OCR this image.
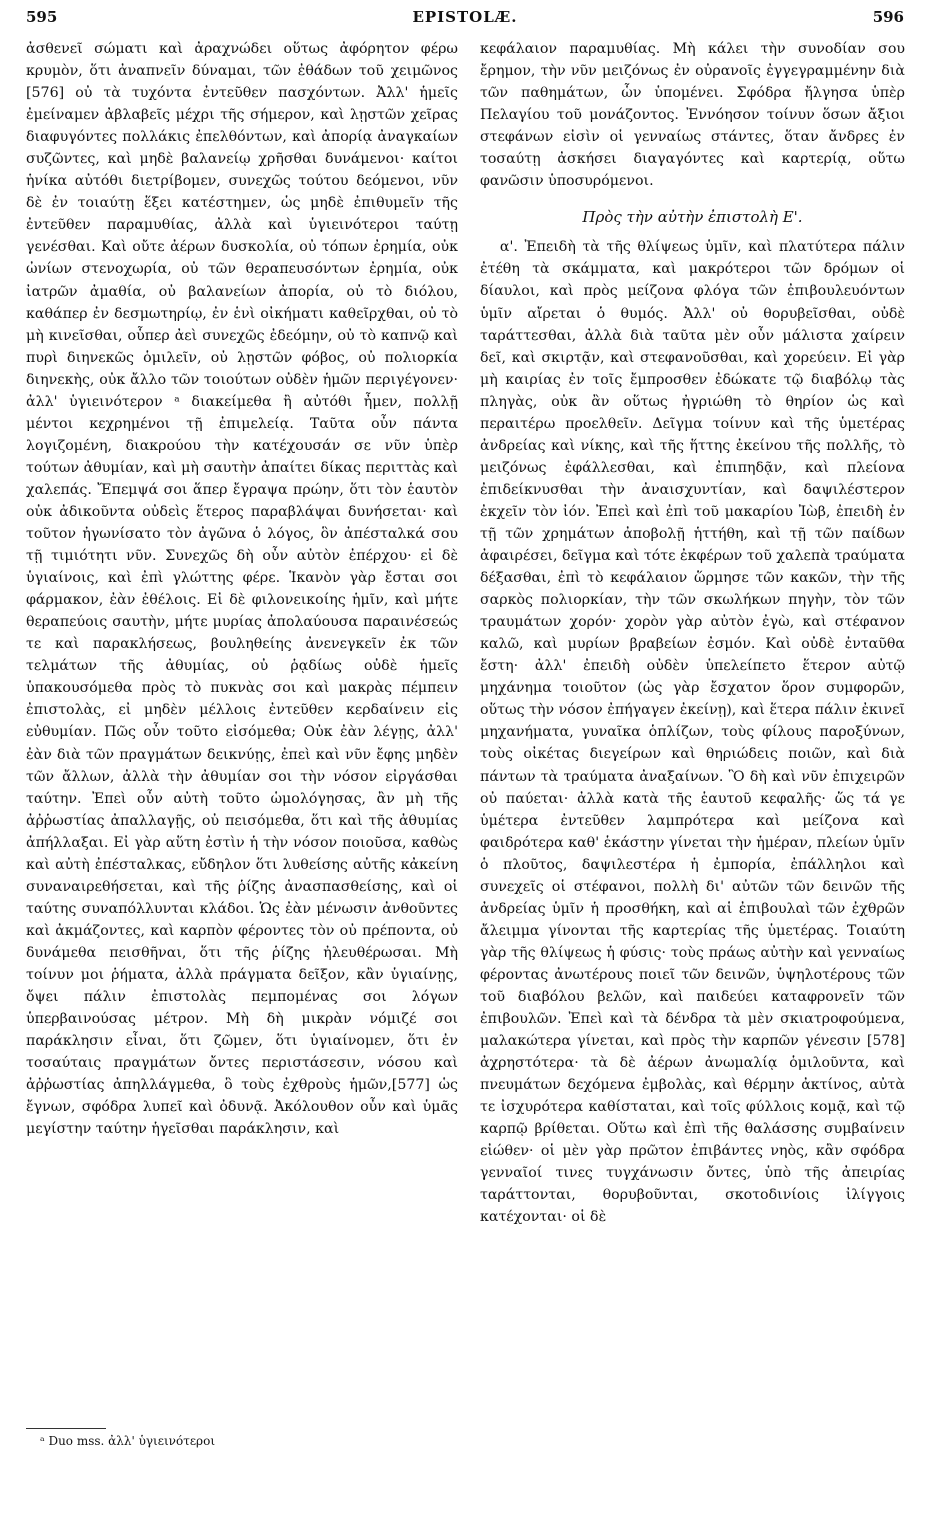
595	EPISTOLÆ.	596

ἀσθενεῖ σώματι καὶ ἀραχνώδει οὕτως ἀφόρητον φέρω κρυμὸν, ὅτι ἀναπνεῖν δύναμαι, τῶν ἐθάδων τοῦ χειμῶνος [576] οὐ τὰ τυχόντα ἐντεῦθεν πασχόντων. Ἀλλ' ἡμεῖς ἐμείναμεν ἀβλαβεῖς μέχρι τῆς σήμερον, καὶ λῃστῶν χεῖρας διαφυγόντες πολλάκις ἐπελθόντων, καὶ ἀπορίᾳ ἀναγκαίων συζῶντες, καὶ μηδὲ βαλανείῳ χρῆσθαι δυνάμενοι· καίτοι ἡνίκα αὐτόθι διετρίβομεν, συνεχῶς τούτου δεόμενοι, νῦν δὲ ἐν τοιαύτῃ ἕξει κατέστημεν, ὡς μηδὲ ἐπιθυμεῖν τῆς ἐντεῦθεν παραμυθίας, ἀλλὰ καὶ ὑγιεινότεροι ταύτῃ γενέσθαι. Καὶ οὔτε ἀέρων δυσκολία, οὐ τόπων ἐρημία, οὐκ ὠνίων στενοχωρία, οὐ τῶν θεραπευσόντων ἐρημία, οὐκ ἰατρῶν ἀμαθία, οὐ βαλανείων ἀπορία, οὐ τὸ διόλου, καθάπερ ἐν δεσμωτηρίῳ, ἐν ἑνὶ οἰκήματι καθεῖρχθαι, οὐ τὸ μὴ κινεῖσθαι, οὗπερ ἀεὶ συνεχῶς ἐδεόμην, οὐ τὸ καπνῷ καὶ πυρὶ διηνεκῶς ὁμιλεῖν, οὐ λῃστῶν φόβος, οὐ πολιορκία διηνεκὴς, οὐκ ἄλλο τῶν τοιούτων οὐδὲν ἡμῶν περιγέγονεν· ἀλλ' ὑγιεινότερον ᵃ διακείμεθα ἢ αὐτόθι ἦμεν, πολλῇ μέντοι κεχρημένοι τῇ ἐπιμελείᾳ. Ταῦτα οὖν πάντα λογιζομένη, διακρούου τὴν κατέχουσάν σε νῦν ὑπὲρ τούτων ἀθυμίαν, καὶ μὴ σαυτὴν ἀπαίτει δίκας περιττὰς καὶ χαλεπάς. Ἔπεμψά σοι ἅπερ ἔγραψα πρώην, ὅτι τὸν ἑαυτὸν οὐκ ἀδικοῦντα οὐδεὶς ἕτερος παραβλάψαι δυνήσεται· καὶ τοῦτον ἠγωνίσατο τὸν ἀγῶνα ὁ λόγος, ὃν ἀπέσταλκά σου τῇ τιμιότητι νῦν. Συνεχῶς δὴ οὖν αὐτὸν ἐπέρχου· εἰ δὲ ὑγιαίνοις, καὶ ἐπὶ γλώττης φέρε. Ἱκανὸν γὰρ ἔσται σοι φάρμακον, ἐὰν ἐθέλοις. Εἰ δὲ φιλονεικοίης ἡμῖν, καὶ μήτε θεραπεύοις σαυτὴν, μήτε μυρίας ἀπολαύουσα παραινέσεώς τε καὶ παρακλήσεως, βουληθείης ἀνενεγκεῖν ἐκ τῶν τελμάτων τῆς ἀθυμίας, οὐ ῥᾳδίως οὐδὲ ἡμεῖς ὑπακουσόμεθα πρὸς τὸ πυκνὰς σοι καὶ μακρὰς πέμπειν ἐπιστολὰς, εἰ μηδὲν μέλλοις ἐντεῦθεν κερδαίνειν εἰς εὐθυμίαν. Πῶς οὖν τοῦτο εἰσόμεθα; Οὐκ ἐὰν λέγῃς, ἀλλ' ἐὰν διὰ τῶν πραγμάτων δεικνύῃς, ἐπεὶ καὶ νῦν ἔφης μηδὲν τῶν ἄλλων, ἀλλὰ τὴν ἀθυμίαν σοι τὴν νόσον εἰργάσθαι ταύτην. Ἐπεὶ οὖν αὐτὴ τοῦτο ὡμολόγησας, ἂν μὴ τῆς ἀῤῥωστίας ἀπαλλαγῇς, οὐ πεισόμεθα, ὅτι καὶ τῆς ἀθυμίας ἀπήλλαξαι. Εἰ γὰρ αὕτη ἐστὶν ἡ τὴν νόσον ποιοῦσα, καθὼς καὶ αὐτὴ ἐπέσταλκας, εὔδηλον ὅτι λυθείσης αὐτῆς κἀκείνη συναναιρεθήσεται, καὶ τῆς ῥίζης ἀνασπασθείσης, καὶ οἱ ταύτης συναπόλλυνται κλάδοι. Ὡς ἐὰν μένωσιν ἀνθοῦντες καὶ ἀκμάζοντες, καὶ καρπὸν φέροντες τὸν οὐ πρέποντα, οὐ δυνάμεθα πεισθῆναι, ὅτι τῆς ῥίζης ἠλευθέρωσαι. Μὴ τοίνυν μοι ῥήματα, ἀλλὰ πράγματα δεῖξον, κἂν ὑγιαίνῃς, ὄψει πάλιν ἐπιστολὰς πεμπομένας σοι λόγων ὑπερβαινούσας μέτρον. Μὴ δὴ μικρὰν νόμιζέ σοι παράκλησιν εἶναι, ὅτι ζῶμεν, ὅτι ὑγιαίνομεν, ὅτι ἐν τοσαύταις πραγμάτων ὄντες περιστάσεσιν, νόσου καὶ ἀῤῥωστίας ἀπηλλάγμεθα, ὃ τοὺς ἐχθροὺς ἡμῶν,[577] ὡς ἔγνων, σφόδρα λυπεῖ καὶ ὀδυνᾷ. Ἀκόλουθον οὖν καὶ ὑμᾶς μεγίστην ταύτην ἡγεῖσθαι παράκλησιν, καὶ

κεφάλαιον παραμυθίας. Μὴ κάλει τὴν συνοδίαν σου ἔρημον, τὴν νῦν μειζόνως ἐν οὐρανοῖς ἐγγεγραμμένην διὰ τῶν παθημάτων, ὧν ὑπομένει. Σφόδρα ἤλγησα ὑπὲρ Πελαγίου τοῦ μονάζοντος. Ἐννόησον τοίνυν ὅσων ἄξιοι στεφάνων εἰσὶν οἱ γενναίως στάντες, ὅταν ἄνδρες ἐν τοσαύτῃ ἀσκήσει διαγαγόντες καὶ καρτερίᾳ, οὕτω φανῶσιν ὑποσυρόμενοι.

Πρὸς τὴν αὐτὴν ἐπιστολὴ Ε'.

α'. Ἐπειδὴ τὰ τῆς θλίψεως ὑμῖν, καὶ πλατύτερα πάλιν ἐτέθη τὰ σκάμματα, καὶ μακρότεροι τῶν δρόμων οἱ δίαυλοι, καὶ πρὸς μείζονα φλόγα τῶν ἐπιβουλευόντων ὑμῖν αἴρεται ὁ θυμός. Ἀλλ' οὐ θορυβεῖσθαι, οὐδὲ ταράττεσθαι, ἀλλὰ διὰ ταῦτα μὲν οὖν μάλιστα χαίρειν δεῖ, καὶ σκιρτᾷν, καὶ στεφανοῦσθαι, καὶ χορεύειν. Εἰ γὰρ μὴ καιρίας ἐν τοῖς ἔμπροσθεν ἐδώκατε τῷ διαβόλῳ τὰς πληγὰς, οὐκ ἂν οὕτως ἠγριώθη τὸ θηρίον ὡς καὶ περαιτέρω προελθεῖν. Δεῖγμα τοίνυν καὶ τῆς ὑμετέρας ἀνδρείας καὶ νίκης, καὶ τῆς ἥττης ἐκείνου τῆς πολλῆς, τὸ μειζόνως ἐφάλλεσθαι, καὶ ἐπιπηδᾷν, καὶ πλείονα ἐπιδείκνυσθαι τὴν ἀναισχυντίαν, καὶ δαψιλέστερον ἐκχεῖν τὸν ἰόν. Ἐπεὶ καὶ ἐπὶ τοῦ μακαρίου Ἰὼβ, ἐπειδὴ ἐν τῇ τῶν χρημάτων ἀποβολῇ ἡττήθη, καὶ τῇ τῶν παίδων ἀφαιρέσει, δεῖγμα καὶ τότε ἐκφέρων τοῦ χαλεπὰ τραύματα δέξασθαι, ἐπὶ τὸ κεφάλαιον ὥρμησε τῶν κακῶν, τὴν τῆς σαρκὸς πολιορκίαν, τὴν τῶν σκωλήκων πηγὴν, τὸν τῶν τραυμάτων χορόν· χορὸν γὰρ αὐτὸν ἐγὼ, καὶ στέφανον καλῶ, καὶ μυρίων βραβείων ἐσμόν. Καὶ οὐδὲ ἐνταῦθα ἔστη· ἀλλ' ἐπειδὴ οὐδὲν ὑπελείπετο ἕτερον αὐτῷ μηχάνημα τοιοῦτον (ὡς γὰρ ἔσχατον ὅρον συμφορῶν, οὕτως τὴν νόσον ἐπήγαγεν ἐκείνῃ), καὶ ἕτερα πάλιν ἐκινεῖ μηχανήματα, γυναῖκα ὁπλίζων, τοὺς φίλους παροξύνων, τοὺς οἰκέτας διεγείρων καὶ θηριώδεις ποιῶν, καὶ διὰ πάντων τὰ τραύματα ἀναξαίνων. Ὃ δὴ καὶ νῦν ἐπιχειρῶν οὐ παύεται· ἀλλὰ κατὰ τῆς ἑαυτοῦ κεφαλῆς· ὥς τά γε ὑμέτερα ἐντεῦθεν λαμπρότερα καὶ μείζονα καὶ φαιδρότερα καθ' ἑκάστην γίνεται τὴν ἡμέραν, πλείων ὑμῖν ὁ πλοῦτος, δαψιλεστέρα ἡ ἐμπορία, ἐπάλληλοι καὶ συνεχεῖς οἱ στέφανοι, πολλὴ δι' αὐτῶν τῶν δεινῶν τῆς ἀνδρείας ὑμῖν ἡ προσθήκη, καὶ αἱ ἐπιβουλαὶ τῶν ἐχθρῶν ἄλειμμα γίνονται τῆς καρτερίας τῆς ὑμετέρας. Τοιαύτη γὰρ τῆς θλίψεως ἡ φύσις· τοὺς πράως αὐτὴν καὶ γενναίως φέροντας ἀνωτέρους ποιεῖ τῶν δεινῶν, ὑψηλοτέρους τῶν τοῦ διαβόλου βελῶν, καὶ παιδεύει καταφρονεῖν τῶν ἐπιβουλῶν. Ἐπεὶ καὶ τὰ δένδρα τὰ μὲν σκιατροφούμενα, μαλακώτερα γίνεται, καὶ πρὸς τὴν καρπῶν γένεσιν [578] ἀχρηστότερα· τὰ δὲ ἀέρων ἀνωμαλίᾳ ὁμιλοῦντα, καὶ πνευμάτων δεχόμενα ἐμβολὰς, καὶ θέρμην ἀκτίνος, αὐτὰ τε ἰσχυρότερα καθίσταται, καὶ τοῖς φύλλοις κομᾷ, καὶ τῷ καρπῷ βρίθεται. Οὕτω καὶ ἐπὶ τῆς θαλάσσης συμβαίνειν εἰώθεν· οἱ μὲν γὰρ πρῶτον ἐπιβάντες νηὸς, κἂν σφόδρα γενναῖοί τινες τυγχάνωσιν ὄντες, ὑπὸ τῆς ἀπειρίας ταράττονται, θορυβοῦνται, σκοτοδινίοις ἰλίγγοις κατέχονται· οἱ δὲ

ᵃ Duo mss. ἀλλ' ὑγιεινότεροι
